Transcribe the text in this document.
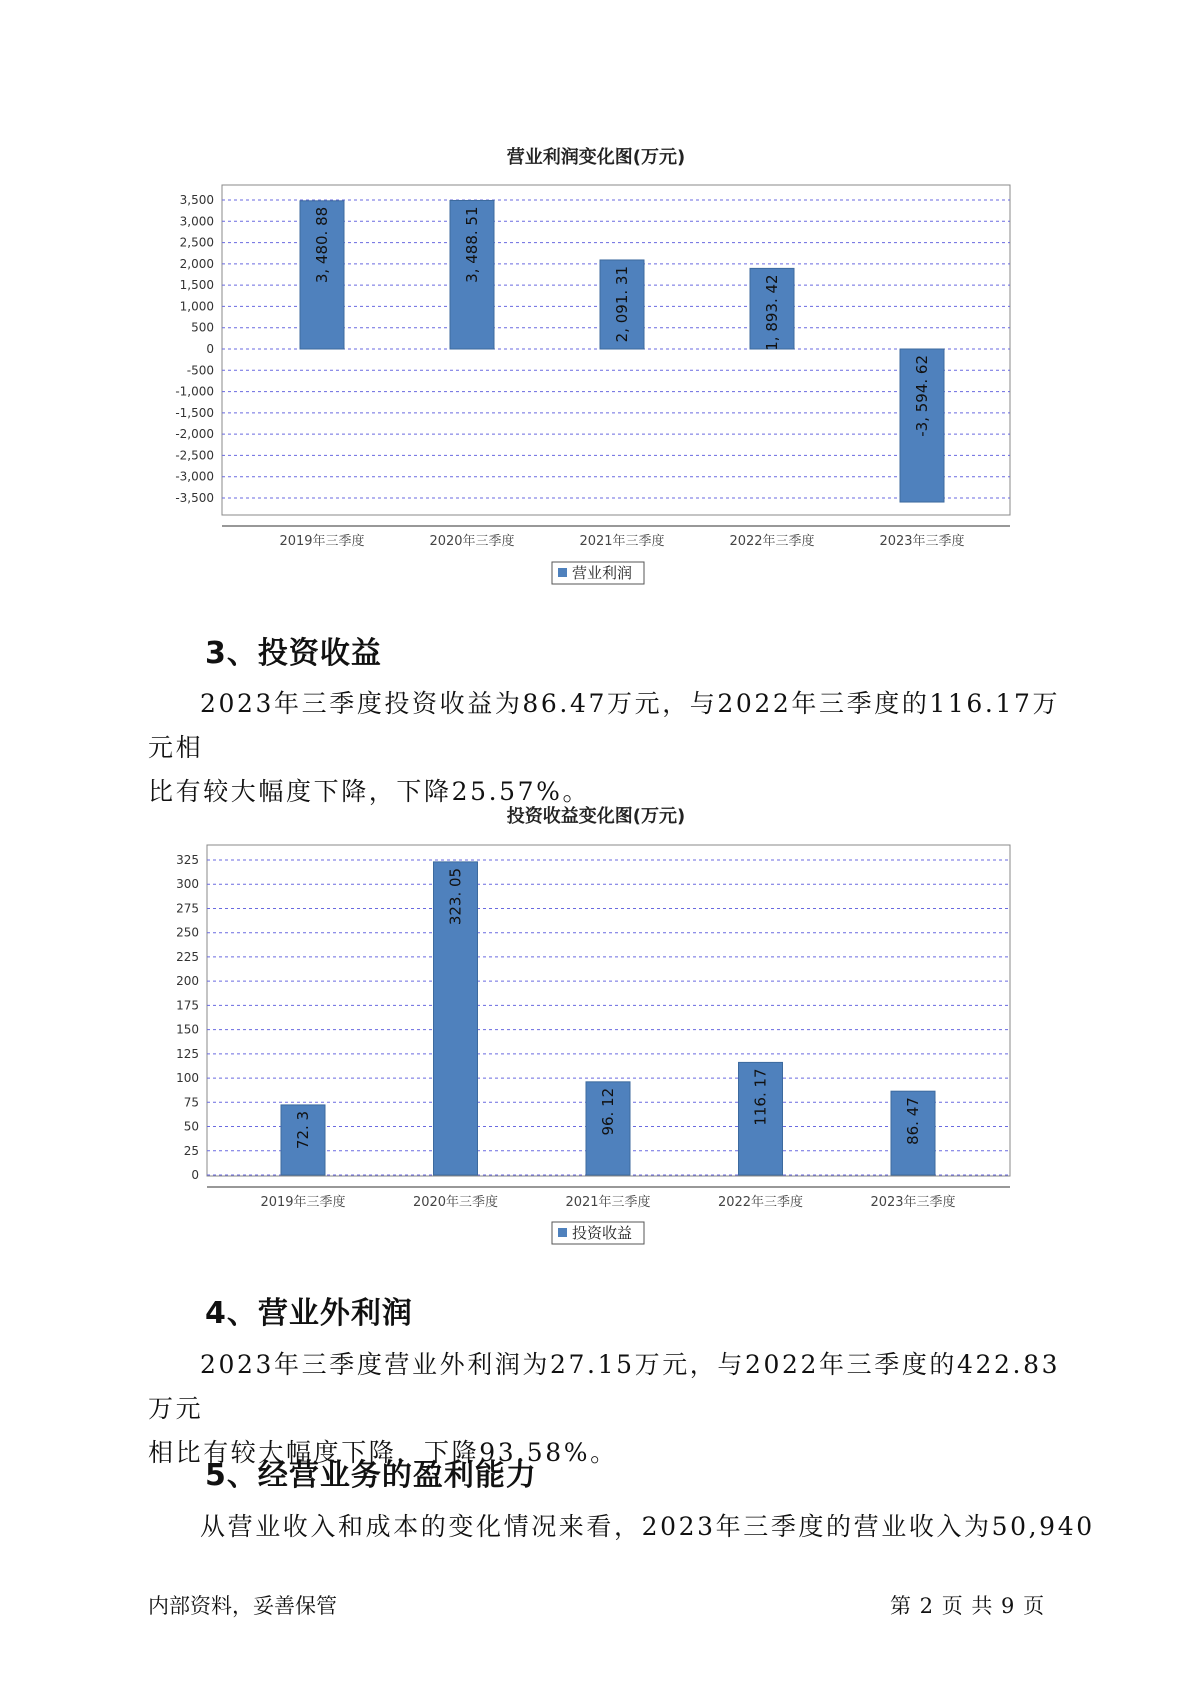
营业利润变化图(万元)
3,500
3,000
2,500
2,000
1,500
1,000
500
0
-500
-1,000
-1,500
-2,000
-2,500
-3,000
-3,500
3, 480. 88
2019年三季度
3, 488. 51
2020年三季度
2, 091. 31
2021年三季度
1, 893. 42
2022年三季度
-3, 594. 62
2023年三季度
营业利润
3、投资收益

2023年三季度投资收益为86.47万元，与2022年三季度的116.17万元相
比有较大幅度下降，下降25.57%。

投资收益变化图(万元)
325
300
275
250
225
200
175
150
125
100
75
50
25
0
72. 3
2019年三季度
323. 05
2020年三季度
96. 12
2021年三季度
116. 17
2022年三季度
86. 47
2023年三季度
投资收益
4、营业外利润

2023年三季度营业外利润为27.15万元，与2022年三季度的422.83万元
相比有较大幅度下降，下降93.58%。

5、经营业务的盈利能力

从营业收入和成本的变化情况来看，2023年三季度的营业收入为50,940

内部资料，妥善保管	第 2 页 共 9 页
